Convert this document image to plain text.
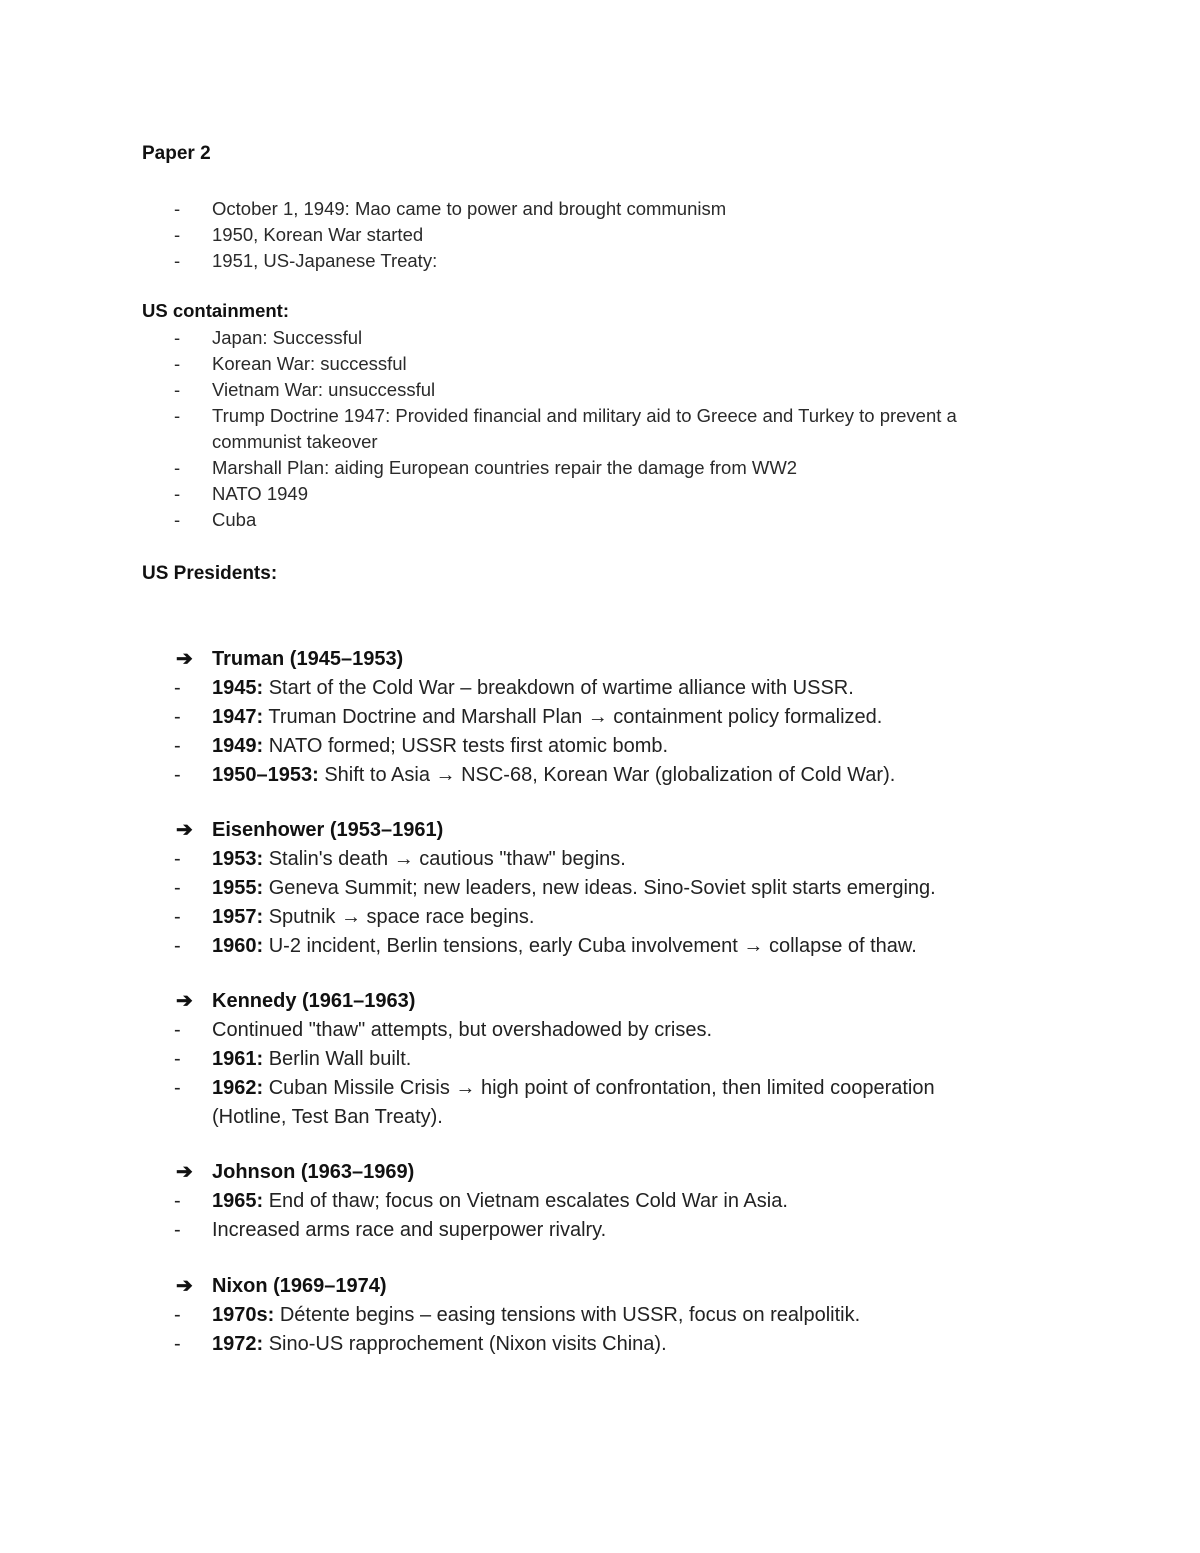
Paper 2
- October 1, 1949: Mao came to power and brought communism
- 1950, Korean War started
- 1951, US-Japanese Treaty:
US containment:
- Japan: Successful
- Korean War: successful
- Vietnam War: unsuccessful
- Trump Doctrine 1947: Provided financial and military aid to Greece and Turkey to prevent a
communist takeover
- Marshall Plan: aiding European countries repair the damage from WW2
- NATO 1949
- Cuba
US Presidents:
➔ Truman (1945–1953)
- 1945: Start of the Cold War – breakdown of wartime alliance with USSR.
- 1947: Truman Doctrine and Marshall Plan → containment policy formalized.
- 1949: NATO formed; USSR tests first atomic bomb.
- 1950–1953: Shift to Asia → NSC-68, Korean War (globalization of Cold War).
➔ Eisenhower (1953–1961)
- 1953: Stalin's death → cautious "thaw" begins.
- 1955: Geneva Summit; new leaders, new ideas. Sino-Soviet split starts emerging.
- 1957: Sputnik → space race begins.
- 1960: U-2 incident, Berlin tensions, early Cuba involvement → collapse of thaw.
➔ Kennedy (1961–1963)
- Continued "thaw" attempts, but overshadowed by crises.
- 1961: Berlin Wall built.
- 1962: Cuban Missile Crisis → high point of confrontation, then limited cooperation
(Hotline, Test Ban Treaty).
➔ Johnson (1963–1969)
- 1965: End of thaw; focus on Vietnam escalates Cold War in Asia.
- Increased arms race and superpower rivalry.
➔ Nixon (1969–1974)
- 1970s: Détente begins – easing tensions with USSR, focus on realpolitik.
- 1972: Sino-US rapprochement (Nixon visits China).
